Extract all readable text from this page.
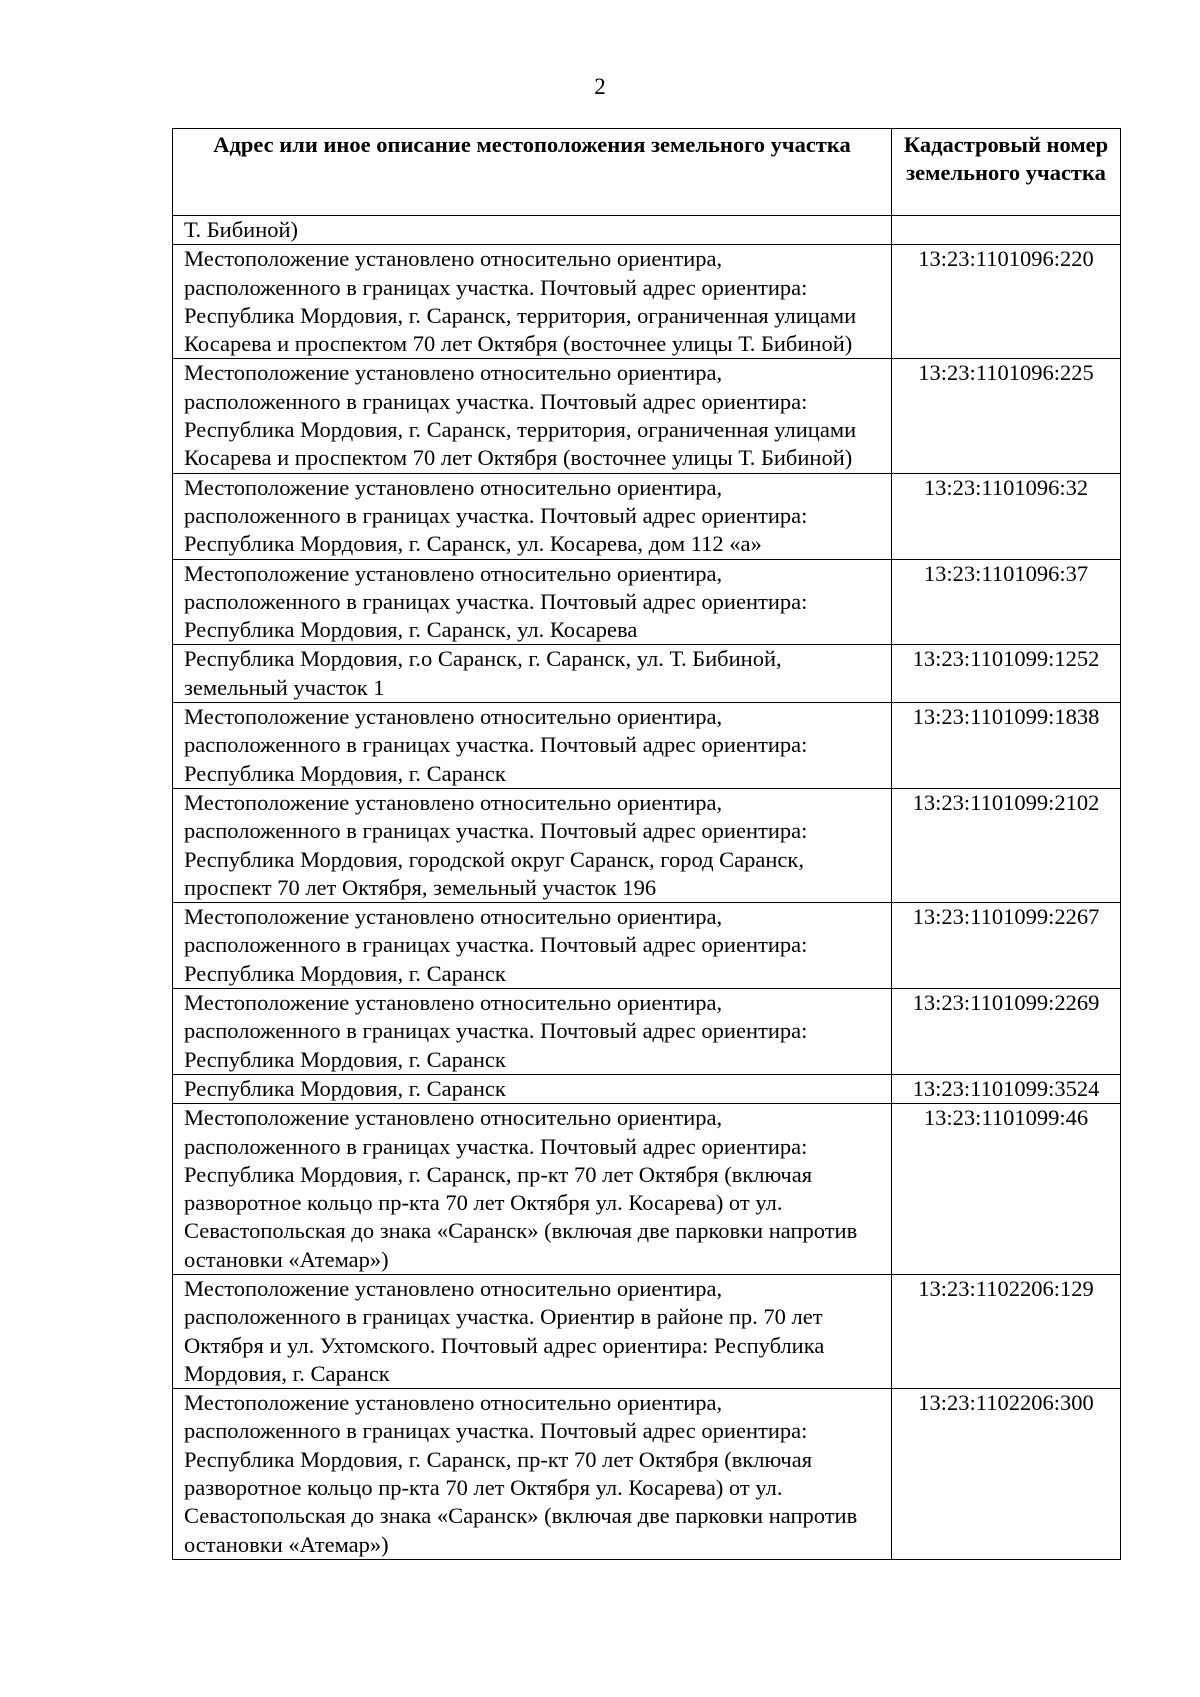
2
Адрес или иное описание местоположения земельного участка	Кадастровый номер земельного участка
Т. Бибиной)	
Местоположение установлено относительно ориентира, расположенного в границах участка. Почтовый адрес ориентира: Республика Мордовия, г. Саранск, территория, ограниченная улицами Косарева и проспектом 70 лет Октября (восточнее улицы Т. Бибиной)	13:23:1101096:220
Местоположение установлено относительно ориентира, расположенного в границах участка. Почтовый адрес ориентира: Республика Мордовия, г. Саранск, территория, ограниченная улицами Косарева и проспектом 70 лет Октября (восточнее улицы Т. Бибиной)	13:23:1101096:225
Местоположение установлено относительно ориентира, расположенного в границах участка. Почтовый адрес ориентира: Республика Мордовия, г. Саранск, ул. Косарева, дом 112 «а»	13:23:1101096:32
Местоположение установлено относительно ориентира, расположенного в границах участка. Почтовый адрес ориентира: Республика Мордовия, г. Саранск, ул. Косарева	13:23:1101096:37
Республика Мордовия, г.о Саранск, г. Саранск, ул. Т. Бибиной, земельный участок 1	13:23:1101099:1252
Местоположение установлено относительно ориентира, расположенного в границах участка. Почтовый адрес ориентира: Республика Мордовия, г. Саранск	13:23:1101099:1838
Местоположение установлено относительно ориентира, расположенного в границах участка. Почтовый адрес ориентира: Республика Мордовия, городской округ Саранск, город Саранск, проспект 70 лет Октября, земельный участок 196	13:23:1101099:2102
Местоположение установлено относительно ориентира, расположенного в границах участка. Почтовый адрес ориентира: Республика Мордовия, г. Саранск	13:23:1101099:2267
Местоположение установлено относительно ориентира, расположенного в границах участка. Почтовый адрес ориентира: Республика Мордовия, г. Саранск	13:23:1101099:2269
Республика Мордовия, г. Саранск	13:23:1101099:3524
Местоположение установлено относительно ориентира, расположенного в границах участка. Почтовый адрес ориентира: Республика Мордовия, г. Саранск, пр-кт 70 лет Октября (включая разворотное кольцо пр-кта 70 лет Октября ул. Косарева) от ул. Севастопольская до знака «Саранск» (включая две парковки напротив остановки «Атемар»)	13:23:1101099:46
Местоположение установлено относительно ориентира, расположенного в границах участка. Ориентир в районе пр. 70 лет Октября и ул. Ухтомского. Почтовый адрес ориентира: Республика Мордовия, г. Саранск	13:23:1102206:129
Местоположение установлено относительно ориентира, расположенного в границах участка. Почтовый адрес ориентира: Республика Мордовия, г. Саранск, пр-кт 70 лет Октября (включая разворотное кольцо пр-кта 70 лет Октября ул. Косарева) от ул. Севастопольская до знака «Саранск» (включая две парковки напротив остановки «Атемар»)	13:23:1102206:300
